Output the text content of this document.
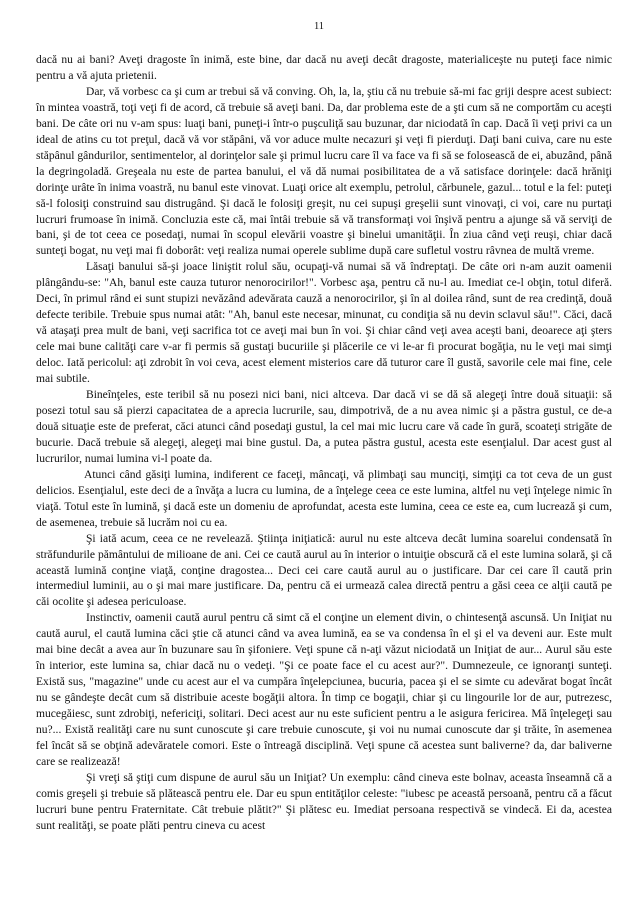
11

dacă nu ai bani? Aveţi dragoste în inimă, este bine, dar dacă nu aveţi decât dragoste, materialiceşte nu puteţi face nimic pentru a vă ajuta prietenii.

Dar, vă vorbesc ca şi cum ar trebui să vă conving. Oh, la, la, ştiu că nu trebuie să-mi fac griji despre acest subiect: în mintea voastră, toţi veţi fi de acord, că trebuie să aveţi bani. Da, dar problema este de a şti cum să ne comportăm cu aceşti bani. De câte ori nu v-am spus: luaţi bani, puneţi-i într-o puşculiţă sau buzunar, dar niciodată în cap. Dacă îi veţi privi ca un ideal de atins cu tot preţul, dacă vă vor stăpâni, vă vor aduce multe necazuri şi veţi fi pierduţi. Daţi bani cuiva, care nu este stăpânul gândurilor, sentimentelor, al dorinţelor sale şi primul lucru care îl va face va fi să se folosească de ei, abuzând, până la degringoladă. Greşeala nu este de partea banului, el vă dă numai posibilitatea de a vă satisface dorinţele: dacă hrăniţi dorinţe urâte în inima voastră, nu banul este vinovat. Luaţi orice alt exemplu, petrolul, cărbunele, gazul... totul e la fel: puteţi să-l folosiţi construind sau distrugând. Şi dacă le folosiţi greşit, nu cei supuşi greşelii sunt vinovaţi, ci voi, care nu purtaţi lucruri frumoase în inimă. Concluzia este că, mai întâi trebuie să vă transformaţi voi înşivă pentru a ajunge să vă serviţi de bani, şi de tot ceea ce posedaţi, numai în scopul elevării voastre şi binelui umanităţii. În ziua când veţi reuşi, chiar dacă sunteţi bogat, nu veţi mai fi doborât: veţi realiza numai operele sublime după care sufletul vostru râvnea de multă vreme.

Lăsaţi banului să-şi joace liniştit rolul său, ocupaţi-vă numai să vă îndreptaţi. De câte ori n-am auzit oamenii plângându-se: "Ah, banul este cauza tuturor nenorocirilor!". Vorbesc aşa, pentru că nu-l au. Imediat ce-l obţin, totul diferă. Deci, în primul rând ei sunt stupizi nevăzând adevărata cauză a nenorocirilor, şi în al doilea rând, sunt de rea credinţă, două defecte teribile. Trebuie spus numai atât: "Ah, banul este necesar, minunat, cu condiţia să nu devin sclavul său!". Căci, dacă vă ataşaţi prea mult de bani, veţi sacrifica tot ce aveţi mai bun în voi. Şi chiar când veţi avea aceşti bani, deoarece aţi şters cele mai bune calităţi care v-ar fi permis să gustaţi bucuriile şi plăcerile ce vi le-ar fi procurat bogăţia, nu le veţi mai simţi deloc. Iată pericolul: aţi zdrobit în voi ceva, acest element misterios care dă tuturor care îl gustă, savorile cele mai fine, cele mai subtile.

Bineînţeles, este teribil să nu posezi nici bani, nici altceva. Dar dacă vi se dă să alegeţi între două situaţii: să posezi totul sau să pierzi capacitatea de a aprecia lucrurile, sau, dimpotrivă, de a nu avea nimic şi a păstra gustul, ce de-a două situaţie este de preferat, căci atunci când posedaţi gustul, la cel mai mic lucru care vă cade în gură, scoateţi strigăte de bucurie. Dacă trebuie să alegeţi, alegeţi mai bine gustul. Da, a putea păstra gustul, acesta este esenţialul. Dar acest gust al lucrurilor, numai lumina vi-l poate da.

Atunci când găsiţi lumina, indiferent ce faceţi, mâncaţi, vă plimbaţi sau munciţi, simţiţi ca tot ceva de un gust delicios. Esenţialul, este deci de a învăţa a lucra cu lumina, de a înţelege ceea ce este lumina, altfel nu veţi înţelege nimic în viaţă. Totul este în lumină, şi dacă este un domeniu de aprofundat, acesta este lumina, ceea ce este ea, cum lucrează şi cum, de asemenea, trebuie să lucrăm noi cu ea.

Şi iată acum, ceea ce ne revelează. Ştiinţa iniţiatică: aurul nu este altceva decât lumina soarelui condensată în străfundurile pământului de milioane de ani. Cei ce caută aurul au în interior o intuiţie obscură că el este lumina solară, şi că această lumină conţine viaţă, conţine dragostea... Deci cei care caută aurul au o justificare. Dar cei care îl caută prin intermediul luminii, au o şi mai mare justificare. Da, pentru că ei urmează calea directă pentru a găsi ceea ce alţii caută pe căi ocolite şi adesea periculoase.

Instinctiv, oamenii caută aurul pentru că simt că el conţine un element divin, o chintesenţă ascunsă. Un Iniţiat nu caută aurul, el caută lumina căci ştie că atunci când va avea lumină, ea se va condensa în el şi el va deveni aur. Este mult mai bine decât a avea aur în buzunare sau în şifoniere. Veţi spune că n-aţi văzut niciodată un Iniţiat de aur... Aurul său este în interior, este lumina sa, chiar dacă nu o vedeţi. "Şi ce poate face el cu acest aur?". Dumnezeule, ce ignoranţi sunteţi. Există sus, "magazine" unde cu acest aur el va cumpăra înţelepciunea, bucuria, pacea şi el se simte cu adevărat bogat încât nu se gândeşte decât cum să distribuie aceste bogăţii altora. În timp ce bogaţii, chiar şi cu lingourile lor de aur, putrezesc, mucegăiesc, sunt zdrobiţi, nefericiţi, solitari. Deci acest aur nu este suficient pentru a le asigura fericirea. Mă înţelegeţi sau nu?... Există realităţi care nu sunt cunoscute şi care trebuie cunoscute, şi voi nu numai cunoscute dar şi trăite, în asemenea fel încât să se obţină adevăratele comori. Este o întreagă disciplină. Veţi spune că acestea sunt baliverne? da, dar baliverne care se realizează!

Şi vreţi să ştiţi cum dispune de aurul său un Iniţiat? Un exemplu: când cineva este bolnav, aceasta înseamnă că a comis greşeli şi trebuie să plătească pentru ele. Dar eu spun entităţilor celeste: "iubesc pe această persoană, pentru că a făcut lucruri bune pentru Fraternitate. Cât trebuie plătit?" Şi plătesc eu. Imediat persoana respectivă se vindecă. Ei da, acestea sunt realităţi, se poate plăti pentru cineva cu acest
